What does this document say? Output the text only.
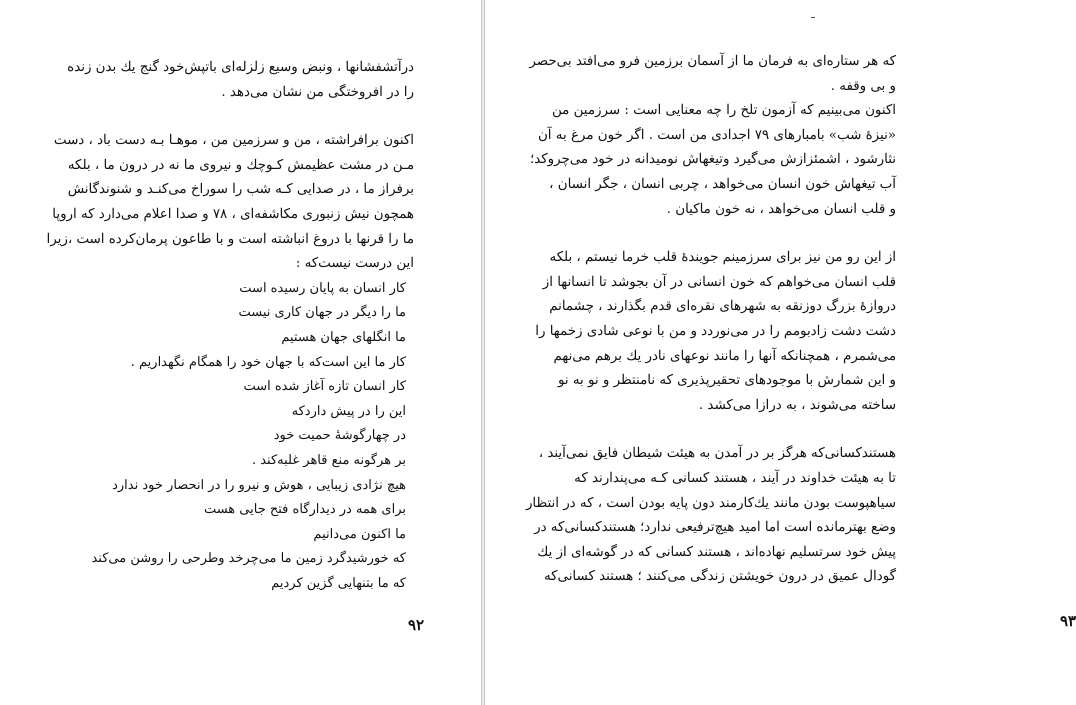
درآتشفشانها ، ونبض وسیع زلزله‌ای باتپش‌خود گنج یك بدن زنده
را در افروختگی من نشان می‌دهد .
اکنون برافراشته ، من و سرزمین من ، موهـا بـه دست باد ، دست
مـن در مشت عظیمش کـوچك و نیروی ما نه در درون ما ، بلکه
برفراز ما ، در صدایی کـه شب را سوراخ می‌کنـد و شنوندگانش
همچون نیش زنبوری مکاشفه‌ای ، ۷۸ و صدا اعلام می‌دارد که اروپا
ما را قرنها با دروغ انباشته است و با طاعون پرمان‌کرده است ،زیرا
این درست نیست‌که :
کار انسان به پایان رسیده است
ما را دیگر در جهان کاری نیست
ما انگلهای جهان هستیم
کار ما این است‌که با جهان خود را همگام نگهداریم .
کار انسان تازه آغاز شده است
این را در پیش دارد‌که
در چهارگوشهٔ حمیت خود
بر هرگونه منع قاهر غلبه‌کند .
هیچ نژادی زیبایی ، هوش و نیرو را در انحصار خود ندارد
برای همه در دیدارگاه فتح جایی هست
ما اکنون می‌دانیم
که خورشیدگرد زمین ما می‌چرخد وطرحی را روشن می‌کند
که ما بتنهایی گزین کردیم
۹۲
که هر ستاره‌ای به فرمان ما از آسمان برزمین فرو می‌افتد بی‌حصر
و بی وقفه .
اکنون می‌بینیم که آزمون تلخ را چه معنایی است : سرزمین من
«نیزهٔ شب» بامبارهای ۷۹ اجدادی من است . اگر خون مرغ به آن
نثارشود ، اشمئزازش می‌گیرد وتیغهاش نومیدانه در خود می‌چروکد؛
آب تیغهاش خون انسان می‌خواهد ، چربی انسان ، جگر انسان ،
و قلب انسان می‌خواهد ، نه خون ماکیان .
از این رو من نیز برای سرزمینم جویندهٔ قلب خرما نیستم ، بلکه
قلب انسان می‌خواهم که خون انسانی در آن بجوشد تا انسانها از
دروازهٔ بزرگ دوزنقه به شهرهای نقره‌ای قدم بگذارند ، چشمانم
دشت دشت زادبومم را در می‌نوردد و من با نوعی شادی زخمها را
می‌شمرم ، همچنانکه آنها را مانند نوعهای نادر یك برهم می‌نهم
و این شمارش با موجودهای تحقیرپذیری که نامنتظر و نو به نو
ساخته می‌شوند ، به درازا می‌کشد .
هستندکسانی‌که هرگز بر در آمدن به هیئت شیطان فایق نمی‌آیند ،
تا به هیئت خداوند در آیند ، هستند کسانی کـه می‌پندارند که
سیاهپوست بودن مانند یك‌کارمند دون پایه بودن است ، که در انتظار
وضع بهترمانده است اما امید هیچ‌ترفیعی ندارد؛ هستندکسانی‌که در
پیش خود سرتسلیم نهاده‌اند ، هستند کسانی که در گوشه‌ای از یك
گودال عمیق در درون خویشتن زندگی می‌کنند ؛ هستند کسانی‌که
۹۳
